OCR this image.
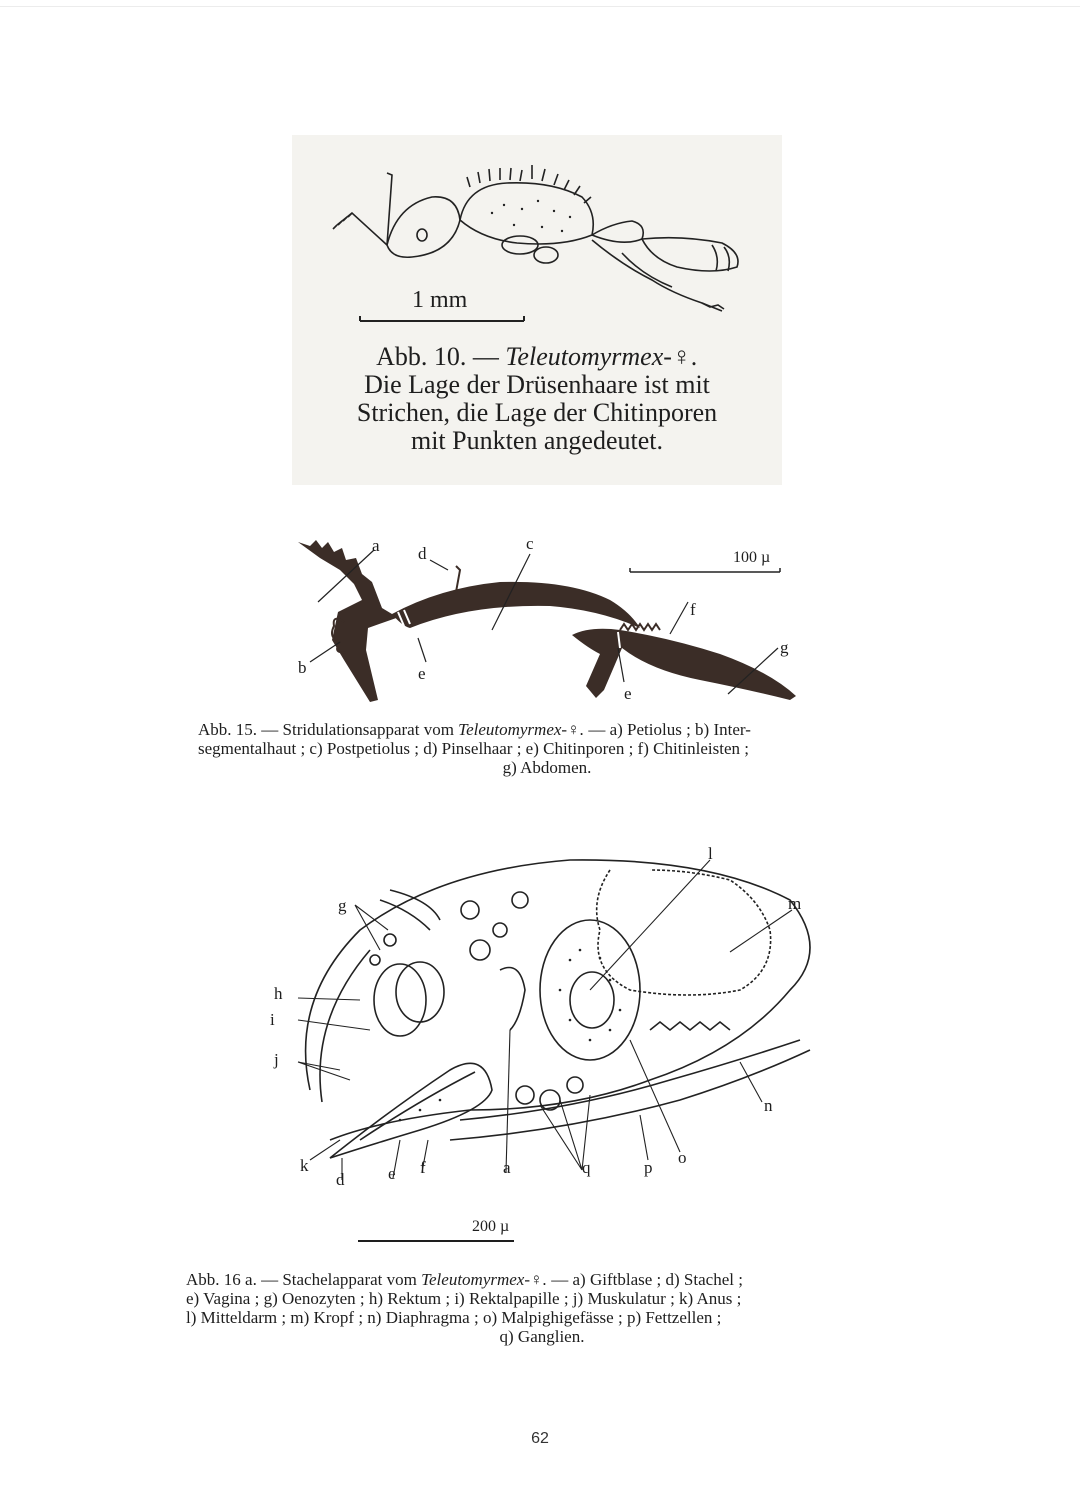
1 mm
Abb. 10. — Teleutomyrmex-♀.
Die Lage der Drüsenhaare ist mit
Strichen, die Lage der Chitinporen
mit Punkten angedeutet.
100 µ
a d
c
b	e
e
f
g
Abb. 15. — Stridulationsapparat vom Teleutomyrmex-♀. — a) Petiolus ; b) Inter-
segmentalhaut ; c) Postpetiolus ; d) Pinselhaar ; e) Chitinporen ; f) Chitinleisten ;
g) Abdomen.
g
h
i
j
k
d	e f	a	q	p
o
n
m
l
200 µ
Abb. 16 a. — Stachelapparat vom Teleutomyrmex-♀. — a) Giftblase ; d) Stachel ;
e) Vagina ; g) Oenozyten ; h) Rektum ; i) Rektalpapille ; j) Muskulatur ; k) Anus ;
l) Mitteldarm ; m) Kropf ; n) Diaphragma ; o) Malpighigefässe ; p) Fettzellen ;
q) Ganglien.
62
